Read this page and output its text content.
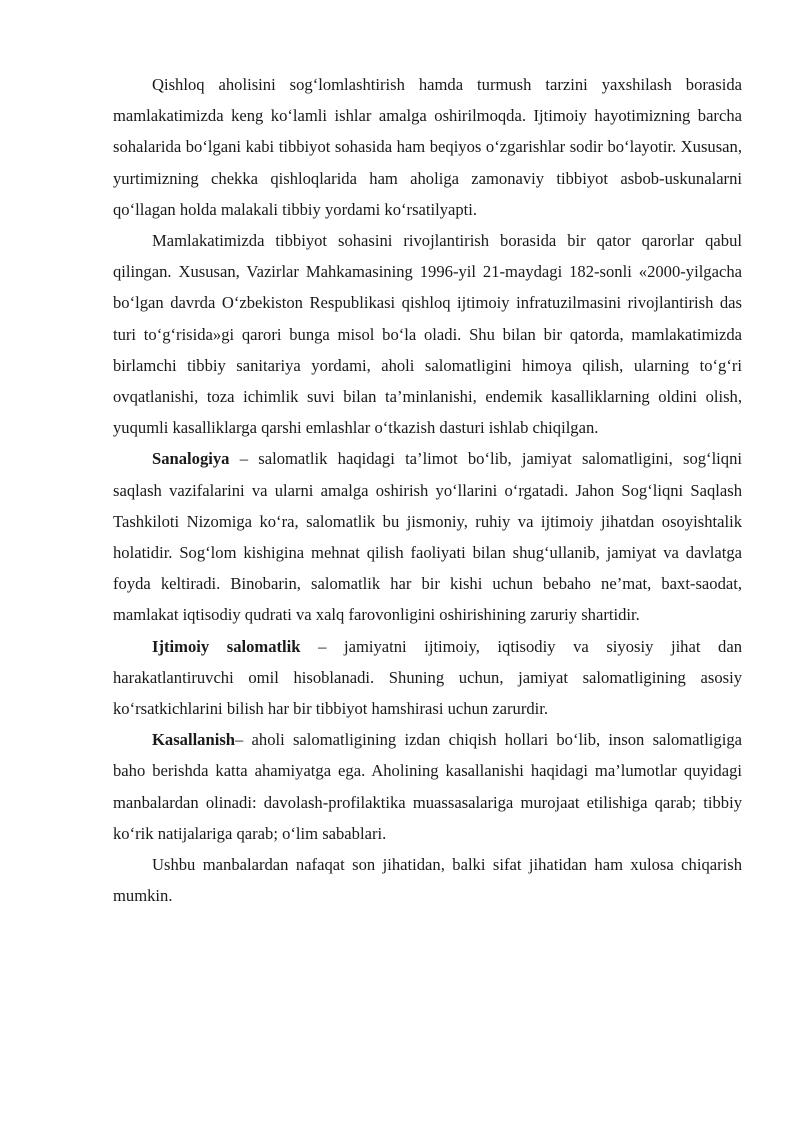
Qishloq aholisini sog‘lomlashtirish hamda turmush tarzini yaxshilash borasida mamlakatimizda keng ko‘lamli ishlar amalga oshirilmoqda. Ijtimoiy hayotimizning barcha sohalarida bo‘lgani kabi tibbiyot sohasida ham beqiyos o‘zgarishlar sodir bo‘layotir. Xususan, yurtimizning chekka qishloqlarida ham aholiga zamonaviy tibbiyot asbob-uskunalarni qo‘llagan holda malakali tibbiy yordami ko‘rsatilyapti.

Mamlakatimizda tibbiyot sohasini rivojlantirish borasida bir qator qarorlar qabul qilingan. Xususan, Vazirlar Mahkamasining 1996-yil 21-maydagi 182-sonli «2000-yilgacha bo‘lgan davrda O‘zbekiston Respublikasi qishloq ijtimoiy infratuzilmasini rivojlantirish das turi to‘g‘risida»gi qarori bunga misol bo‘la oladi. Shu bilan bir qatorda, mamlakatimizda birlamchi tibbiy sanitariya yordami, aholi salomatligini himoya qilish, ularning to‘g‘ri ovqatlanishi, toza ichimlik suvi bilan ta’minlanishi, endemik kasalliklarning oldini olish, yuqumli kasalliklarga qarshi emlashlar o‘tkazish dasturi ishlab chiqilgan.

Sanalogiya – salomatlik haqidagi ta’limot bo‘lib, jamiyat salomatligini, sog‘liqni saqlash vazifalarini va ularni amalga oshirish yo‘llarini o‘rgatadi. Jahon Sog‘liqni Saqlash Tashkiloti Nizomiga ko‘ra, salomatlik bu jismoniy, ruhiy va ijtimoiy jihatdan osoyishtalik holatidir. Sog‘lom kishigina mehnat qilish faoliyati bilan shug‘ullanib, jamiyat va davlatga foyda keltiradi. Binobarin, salomatlik har bir kishi uchun bebaho ne’mat, baxt-saodat, mamlakat iqtisodiy qudrati va xalq farovonligini oshirishining zaruriy shartidir.

Ijtimoiy salomatlik – jamiyatni ijtimoiy, iqtisodiy va siyosiy jihat dan harakatlantiruvchi omil hisoblanadi. Shuning uchun, jamiyat salomatligining asosiy ko‘rsatkichlarini bilish har bir tibbiyot hamshirasi uchun zarurdir.

Kasallanish– aholi salomatligining izdan chiqish hollari bo‘lib, inson salomatligiga baho berishda katta ahamiyatga ega. Aholining kasallanishi haqidagi ma’lumotlar quyidagi manbalardan olinadi: davolash-profilaktika muassasalariga murojaat etilishiga qarab; tibbiy ko‘rik natijalariga qarab; o‘lim sabablari.

Ushbu manbalardan nafaqat son jihatidan, balki sifat jihatidan ham xulosa chiqarish mumkin.
